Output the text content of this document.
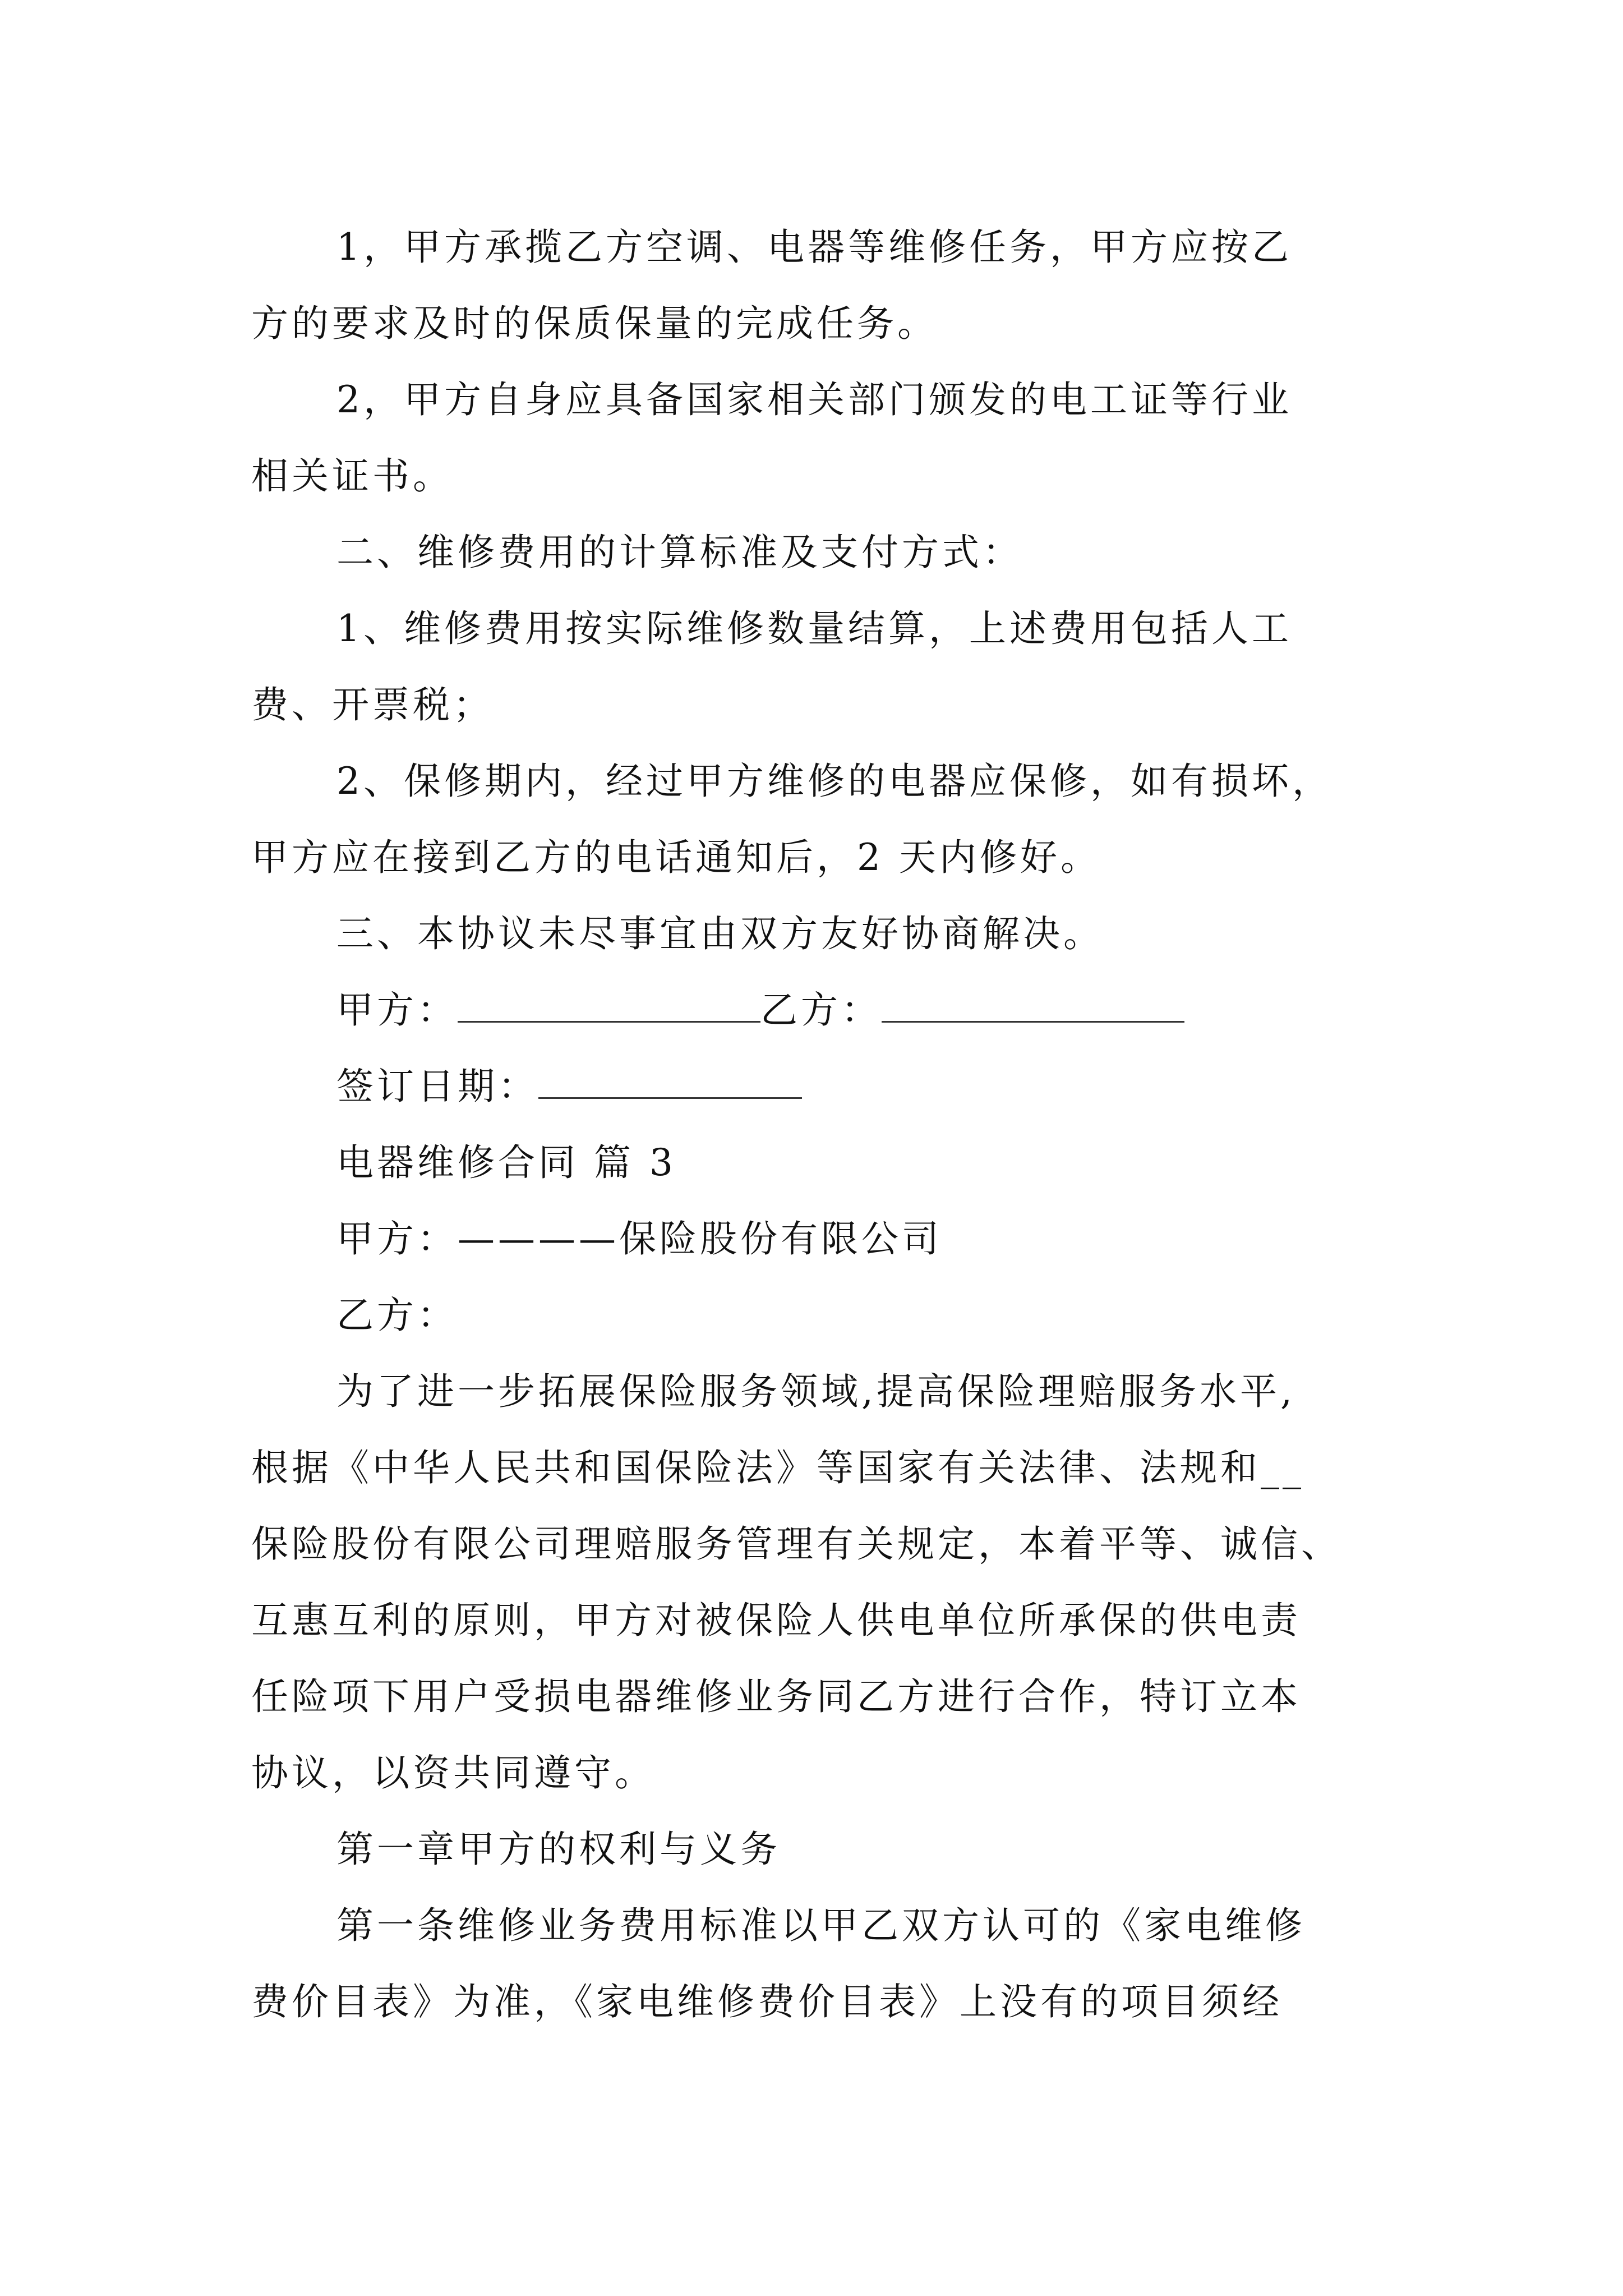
1，甲方承揽乙方空调、电器等维修任务，甲方应按乙
方的要求及时的保质保量的完成任务。
2，甲方自身应具备国家相关部门颁发的电工证等行业
相关证书。
二、维修费用的计算标准及支付方式：
1、维修费用按实际维修数量结算，上述费用包括人工
费、开票税；
2、保修期内，经过甲方维修的电器应保修，如有损坏，
甲方应在接到乙方的电话通知后，2 天内修好。
三、本协议未尽事宜由双方友好协商解决。
甲方：	乙方：
签订日期：
电器维修合同 篇 3
甲方：————保险股份有限公司
乙方：
为了进一步拓展保险服务领域,提高保险理赔服务水平,
根据《中华人民共和国保险法》等国家有关法律、法规和__
保险股份有限公司理赔服务管理有关规定，本着平等、诚信、
互惠互利的原则，甲方对被保险人供电单位所承保的供电责
任险项下用户受损电器维修业务同乙方进行合作，特订立本
协议，以资共同遵守。
第一章甲方的权利与义务
第一条维修业务费用标准以甲乙双方认可的《家电维修
费价目表》为准，《家电维修费价目表》上没有的项目须经
